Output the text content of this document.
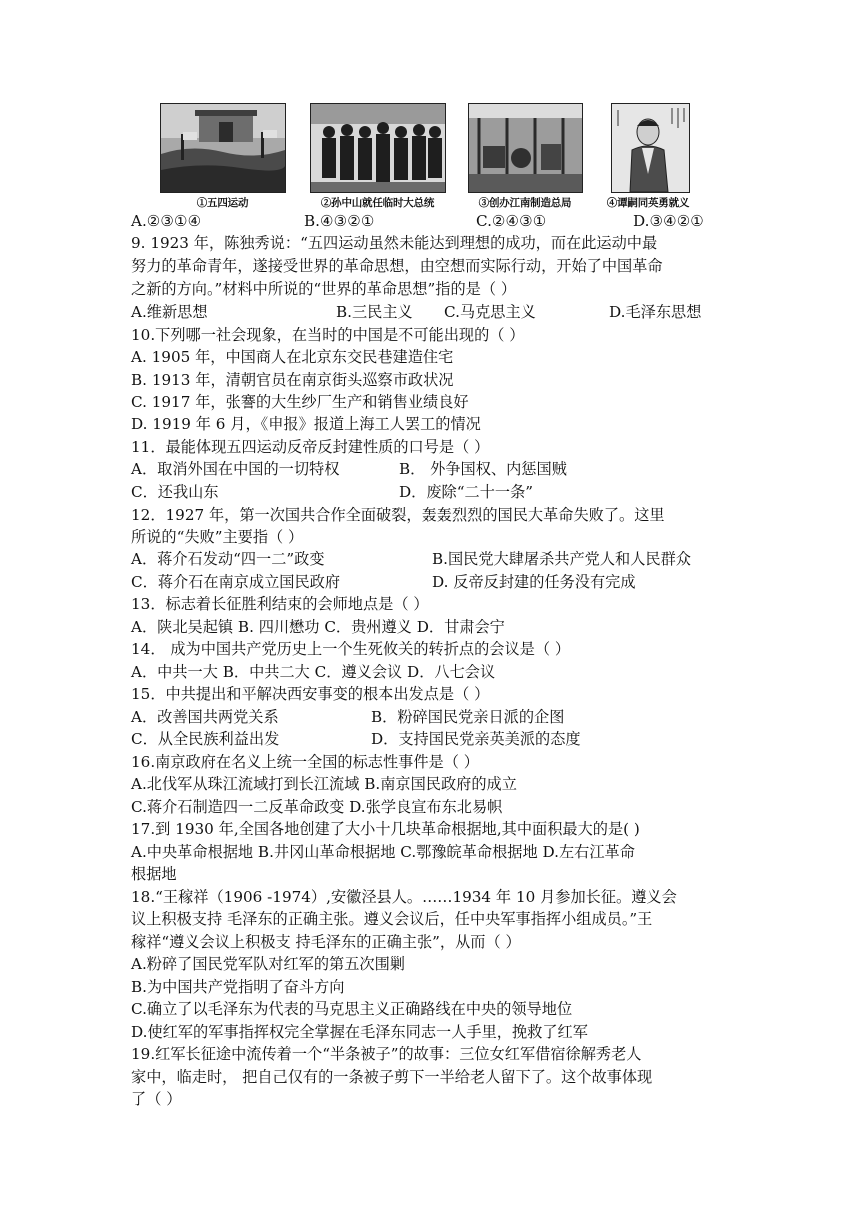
①五四运动	②孙中山就任临时大总统	③创办江南制造总局	④谭嗣同英勇就义
A.②③①④	B.④③②①	C.②④③①	D.③④②①
9. 1923 年，陈独秀说：“五四运动虽然未能达到理想的成功，而在此运动中最
努力的革命青年，遂接受世界的革命思想，由空想而实际行动，开始了中国革命
之新的方向。”材料中所说的“世界的革命思想”指的是（ ）
A.维新思想	B.三民主义 C.马克思主义	D.毛泽东思想
10.下列哪一社会现象，在当时的中国是不可能出现的（ ）
A. 1905 年，中国商人在北京东交民巷建造住宅
B. 1913 年，清朝官员在南京街头巡察市政状况
C. 1917 年，张謇的大生纱厂生产和销售业绩良好
D. 1919 年 6 月，《申报》报道上海工人罢工的情况
11．最能体现五四运动反帝反封建性质的口号是（ ）
A．取消外国在中国的一切特权	B． 外争国权、内惩国贼
C．还我山东	D．废除“二十一条”
12．1927 年，第一次国共合作全面破裂，轰轰烈烈的国民大革命失败了。这里
所说的“失败”主要指（ ）
A．蒋介石发动“四一二”政变	B.国民党大肆屠杀共产党人和人民群众
C．蒋介石在南京成立国民政府	D. 反帝反封建的任务没有完成
13．标志着长征胜利结束的会师地点是（ ）
A．陕北吴起镇 B. 四川懋功 C．贵州遵义 D．甘肃会宁
14． 成为中国共产党历史上一个生死攸关的转折点的会议是（ ）
A．中共一大 B．中共二大 C．遵义会议 D．八七会议
15．中共提出和平解决西安事变的根本出发点是（ ）
A．改善国共两党关系	B．粉碎国民党亲日派的企图
C．从全民族利益出发	D．支持国民党亲英美派的态度
16.南京政府在名义上统一全国的标志性事件是（ ）
A.北伐军从珠江流域打到长江流域 B.南京国民政府的成立
C.蒋介石制造四一二反革命政变 D.张学良宣布东北易帜
17.到 1930 年,全国各地创建了大小十几块革命根据地,其中面积最大的是( )
A.中央革命根据地 B.井冈山革命根据地 C.鄂豫皖革命根据地 D.左右江革命
根据地
18.“王稼祥（1906 -1974）,安徽泾县人。……1934 年 10 月参加长征。遵义会
议上积极支持 毛泽东的正确主张。遵义会议后，任中央军事指挥小组成员。”王
稼祥“遵义会议上积极支 持毛泽东的正确主张”，从而（ ）
A.粉碎了国民党军队对红军的第五次围剿
B.为中国共产党指明了奋斗方向
C.确立了以毛泽东为代表的马克思主义正确路线在中央的领导地位
D.使红军的军事指挥权完全掌握在毛泽东同志一人手里，挽救了红军
19.红军长征途中流传着一个“半条被子”的故事：三位女红军借宿徐解秀老人
家中，临走时， 把自己仅有的一条被子剪下一半给老人留下了。这个故事体现
了（ ）
